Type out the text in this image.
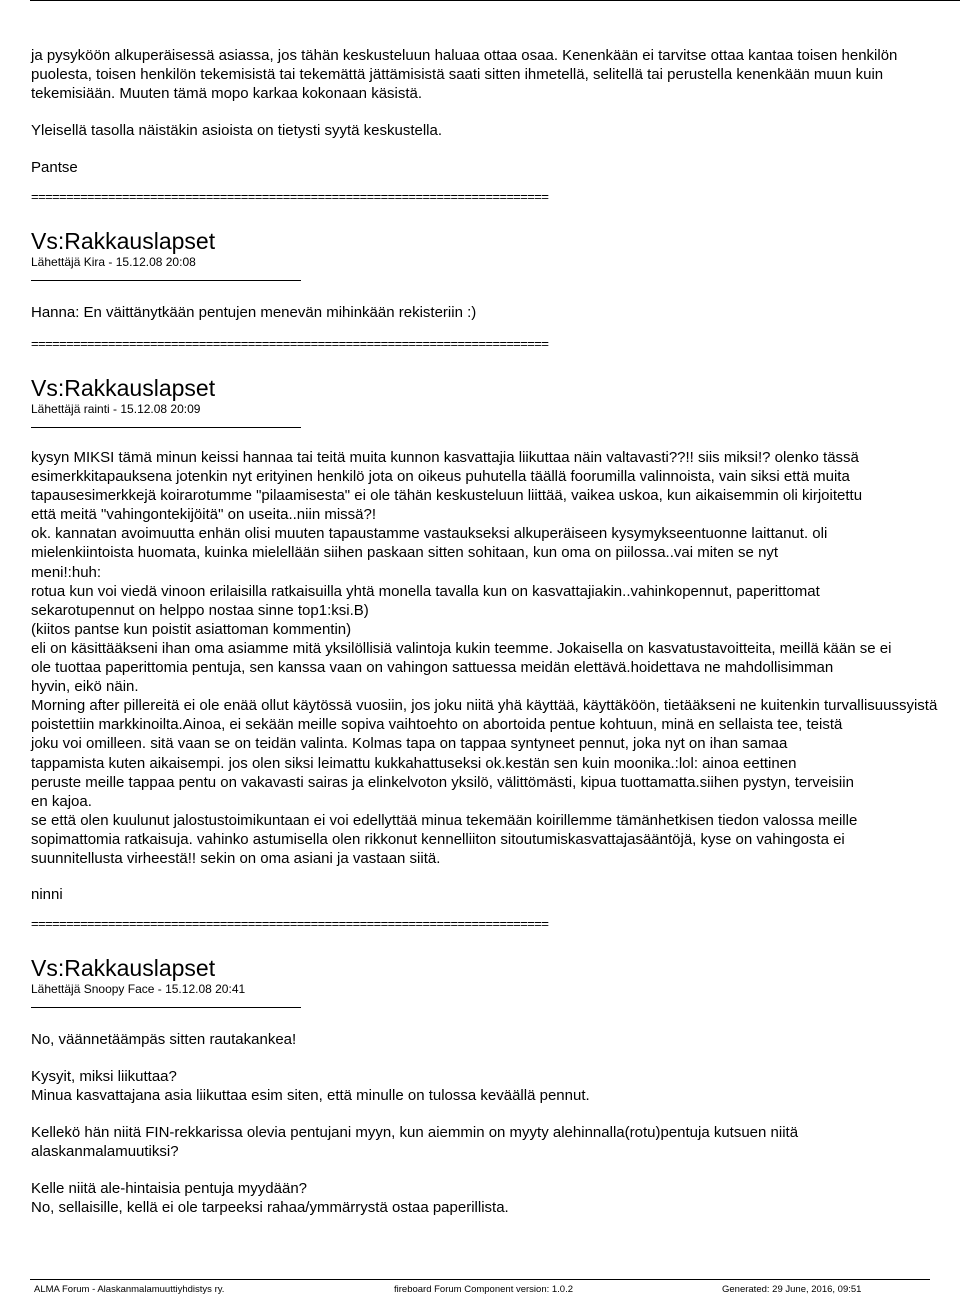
ja pysyköön alkuperäisessä asiassa, jos tähän keskusteluun haluaa ottaa osaa. Kenenkään ei tarvitse ottaa kantaa toisen henkilön

puolesta, toisen henkilön tekemisistä tai tekemättä jättämisistä saati sitten ihmetellä, selitellä tai perustella kenenkään muun kuin

tekemisiään. Muuten tämä mopo karkaa kokonaan käsistä.

Yleisellä tasolla näistäkin asioista on tietysti syytä keskustella.

Pantse

==========================================================================

Vs:Rakkauslapset

Lähettäjä Kira - 15.12.08 20:08

Hanna: En väittänytkään pentujen menevän mihinkään rekisteriin :)

==========================================================================

Vs:Rakkauslapset

Lähettäjä rainti - 15.12.08 20:09

kysyn MIKSI tämä minun keissi hannaa tai teitä muita kunnon kasvattajia liikuttaa näin valtavasti??!! siis miksi!? olenko tässä

esimerkkitapauksena jotenkin nyt erityinen henkilö jota on oikeus puhutella täällä foorumilla valinnoista, vain siksi että muita

tapausesimerkkejä koirarotumme "pilaamisesta" ei ole tähän keskusteluun liittää, vaikea uskoa, kun aikaisemmin oli kirjoitettu

että meitä "vahingontekijöitä" on useita..niin missä?!

ok. kannatan avoimuutta enhän olisi muuten tapaustamme vastaukseksi alkuperäiseen kysymykseentuonne laittanut. oli

mielenkiintoista huomata, kuinka mielellään siihen paskaan sitten sohitaan, kun oma on piilossa..vai miten se nyt

meni!:huh:

rotua kun voi viedä vinoon erilaisilla ratkaisuilla yhtä monella tavalla kun on kasvattajiakin..vahinkopennut, paperittomat

sekarotupennut on helppo nostaa sinne top1:ksi.B)

(kiitos pantse kun poistit asiattoman kommentin)

eli on käsittääkseni ihan oma asiamme mitä yksilöllisiä valintoja kukin teemme. Jokaisella on kasvatustavoitteita, meillä kään se ei

ole tuottaa paperittomia pentuja, sen kanssa vaan on vahingon sattuessa meidän elettävä.hoidettava ne mahdollisimman

hyvin, eikö näin.

Morning after pillereitä ei ole enää ollut käytössä vuosiin, jos joku niitä yhä käyttää, käyttäköön, tietääkseni ne kuitenkin turvallisuussyistä

poistettiin markkinoilta.Ainoa, ei sekään meille sopiva vaihtoehto on abortoida pentue kohtuun, minä en sellaista tee, teistä

joku voi omilleen. sitä vaan se on teidän valinta. Kolmas tapa on tappaa syntyneet pennut, joka nyt on ihan samaa

tappamista kuten aikaisempi. jos olen siksi leimattu kukkahattuseksi ok.kestän sen kuin moonika.:lol: ainoa eettinen

peruste meille tappaa pentu on vakavasti sairas ja elinkelvoton yksilö, välittömästi, kipua tuottamatta.siihen pystyn, terveisiin

en kajoa.

se että olen kuulunut jalostustoimikuntaan ei voi edellyttää minua tekemään koirillemme tämänhetkisen tiedon valossa meille

sopimattomia ratkaisuja. vahinko astumisella olen rikkonut kennelliiton sitoutumiskasvattajasääntöjä, kyse on vahingosta ei

suunnitellusta virheestä!! sekin on oma asiani ja vastaan siitä.

ninni

==========================================================================

Vs:Rakkauslapset

Lähettäjä Snoopy Face - 15.12.08 20:41

No, väännetäämpäs sitten rautakankea!

Kysyit, miksi liikuttaa?

Minua kasvattajana asia liikuttaa esim siten, että minulle on tulossa keväällä pennut.

Kellekö hän niitä FIN-rekkarissa olevia pentujani myyn, kun aiemmin on myyty alehinnalla(rotu)pentuja kutsuen niitä

alaskanmalamuutiksi?

Kelle niitä ale-hintaisia pentuja myydään?

No, sellaisille, kellä ei ole tarpeeksi rahaa/ymmärrystä ostaa paperillista.

ALMA Forum - Alaskanmalamuuttiyhdistys ry.	fireboard Forum Component version: 1.0.2	Generated: 29 June, 2016, 09:51
